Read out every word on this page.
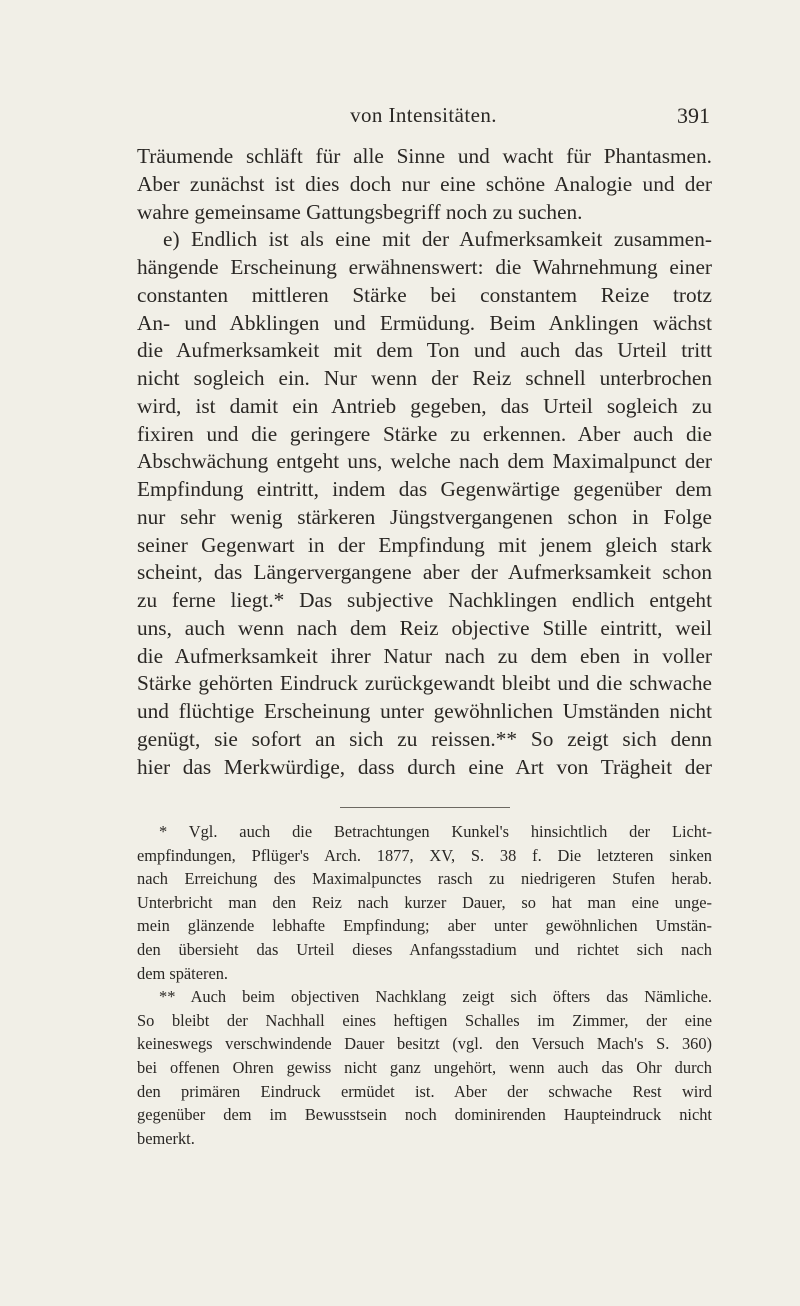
von Intensitäten.	391
Träumende schläft für alle Sinne und wacht für Phantasmen.
Aber zunächst ist dies doch nur eine schöne Analogie und der
wahre gemeinsame Gattungsbegriff noch zu suchen.
e) Endlich ist als eine mit der Aufmerksamkeit zusammen-
hängende Erscheinung erwähnenswert: die Wahrnehmung einer
constanten mittleren Stärke bei constantem Reize trotz
An- und Abklingen und Ermüdung. Beim Anklingen wächst
die Aufmerksamkeit mit dem Ton und auch das Urteil tritt
nicht sogleich ein. Nur wenn der Reiz schnell unterbrochen
wird, ist damit ein Antrieb gegeben, das Urteil sogleich zu
fixiren und die geringere Stärke zu erkennen. Aber auch die
Abschwächung entgeht uns, welche nach dem Maximalpunct der
Empfindung eintritt, indem das Gegenwärtige gegenüber dem
nur sehr wenig stärkeren Jüngstvergangenen schon in Folge
seiner Gegenwart in der Empfindung mit jenem gleich stark
scheint, das Längervergangene aber der Aufmerksamkeit schon
zu ferne liegt.* Das subjective Nachklingen endlich entgeht
uns, auch wenn nach dem Reiz objective Stille eintritt, weil
die Aufmerksamkeit ihrer Natur nach zu dem eben in voller
Stärke gehörten Eindruck zurückgewandt bleibt und die schwache
und flüchtige Erscheinung unter gewöhnlichen Umständen nicht
genügt, sie sofort an sich zu reissen.** So zeigt sich denn
hier das Merkwürdige, dass durch eine Art von Trägheit der
* Vgl. auch die Betrachtungen Kunkel's hinsichtlich der Licht-
empfindungen, Pflüger's Arch. 1877, XV, S. 38 f. Die letzteren sinken
nach Erreichung des Maximalpunctes rasch zu niedrigeren Stufen herab.
Unterbricht man den Reiz nach kurzer Dauer, so hat man eine unge-
mein glänzende lebhafte Empfindung; aber unter gewöhnlichen Umstän-
den übersieht das Urteil dieses Anfangsstadium und richtet sich nach
dem späteren.
** Auch beim objectiven Nachklang zeigt sich öfters das Nämliche.
So bleibt der Nachhall eines heftigen Schalles im Zimmer, der eine
keineswegs verschwindende Dauer besitzt (vgl. den Versuch Mach's S. 360)
bei offenen Ohren gewiss nicht ganz ungehört, wenn auch das Ohr durch
den primären Eindruck ermüdet ist. Aber der schwache Rest wird
gegenüber dem im Bewusstsein noch dominirenden Haupteindruck nicht
bemerkt.
